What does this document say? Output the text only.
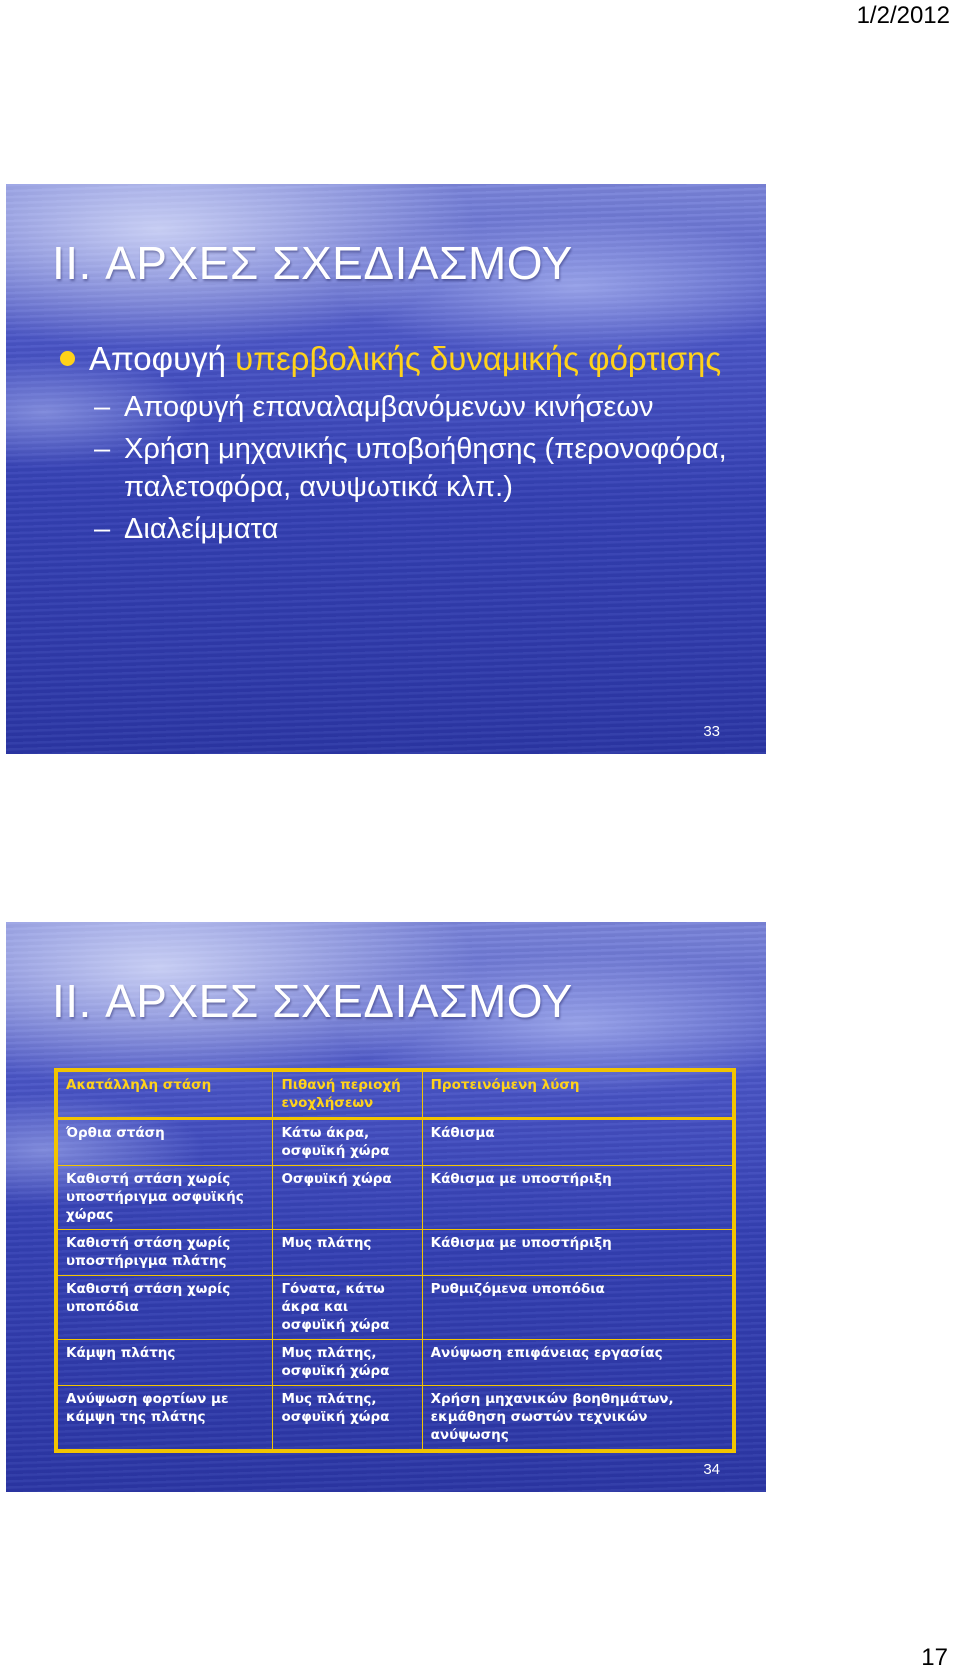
1/2/2012
II. ΑΡΧΕΣ ΣΧΕΔΙΑΣΜΟΥ
Αποφυγή υπερβολικής δυναμικής φόρτισης
– Αποφυγή επαναλαμβανόμενων κινήσεων
– Χρήση μηχανικής υποβοήθησης (περονοφόρα, παλετοφόρα, ανυψωτικά κλπ.)
– Διαλείμματα
33
II. ΑΡΧΕΣ ΣΧΕΔΙΑΣΜΟΥ
Ακατάλληλη στάση	Πιθανή περιοχή ενοχλήσεων	Προτεινόμενη λύση
Όρθια στάση	Κάτω άκρα, οσφυϊκή χώρα	Κάθισμα
Καθιστή στάση χωρίς υποστήριγμα οσφυϊκής χώρας	Οσφυϊκή χώρα	Κάθισμα με υποστήριξη
Καθιστή στάση χωρίς υποστήριγμα πλάτης	Μυς πλάτης	Κάθισμα με υποστήριξη
Καθιστή στάση χωρίς υποπόδια	Γόνατα, κάτω άκρα και οσφυϊκή χώρα	Ρυθμιζόμενα υποπόδια
Κάμψη πλάτης	Μυς πλάτης, οσφυϊκή χώρα	Ανύψωση επιφάνειας εργασίας
Ανύψωση φορτίων με κάμψη της πλάτης	Μυς πλάτης, οσφυϊκή χώρα	Χρήση μηχανικών βοηθημάτων, εκμάθηση σωστών τεχνικών ανύψωσης
34
17
